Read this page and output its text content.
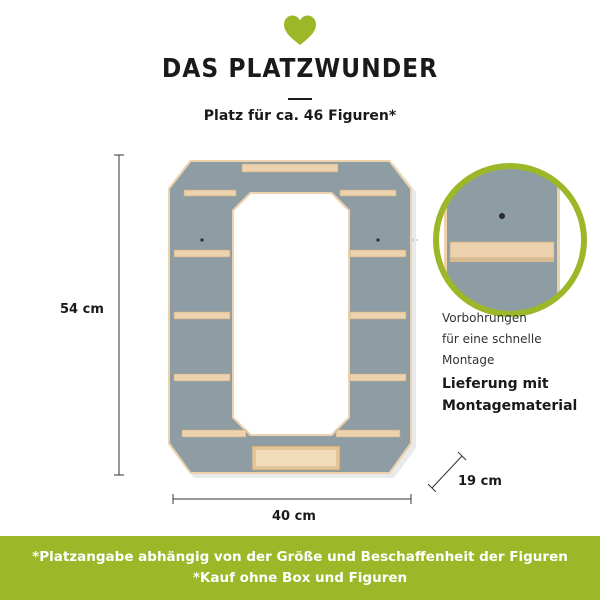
DAS PLATZWUNDER
Platz für ca. 46 Figuren*
54 cm
Vorbohrungen
für eine schnelle
Montage
Lieferung mit
Montagematerial
19 cm
40 cm
*Platzangabe abhängig von der Größe und Beschaffenheit der Figuren
*Kauf ohne Box und Figuren
